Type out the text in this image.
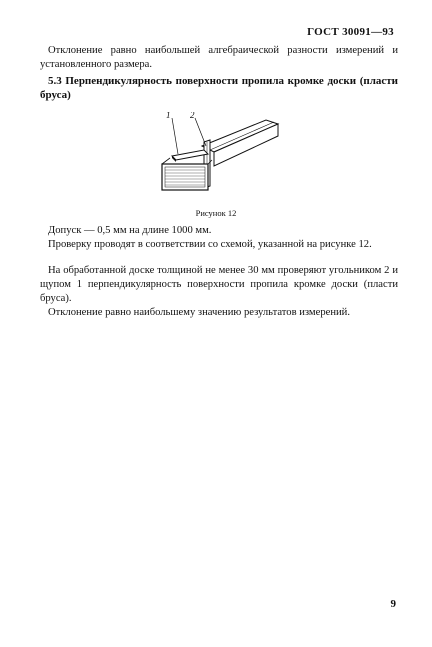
ГОСТ 30091—93

Отклонение равно наибольшей алгебраической разности измерений и установленного размера.

5.3 Перпендикулярность поверхности пропила кромке доски (пласти бруса)

1 2
Рисунок 12

Допуск — 0,5 мм на длине 1000 мм.

Проверку проводят в соответствии со схемой, указанной на рисунке 12.

На обработанной доске толщиной не менее 30 мм проверяют угольником 2 и щупом 1 перпендикулярность поверхности пропила кромке доски (пласти бруса).

Отклонение равно наибольшему значению результатов измерений.

9
